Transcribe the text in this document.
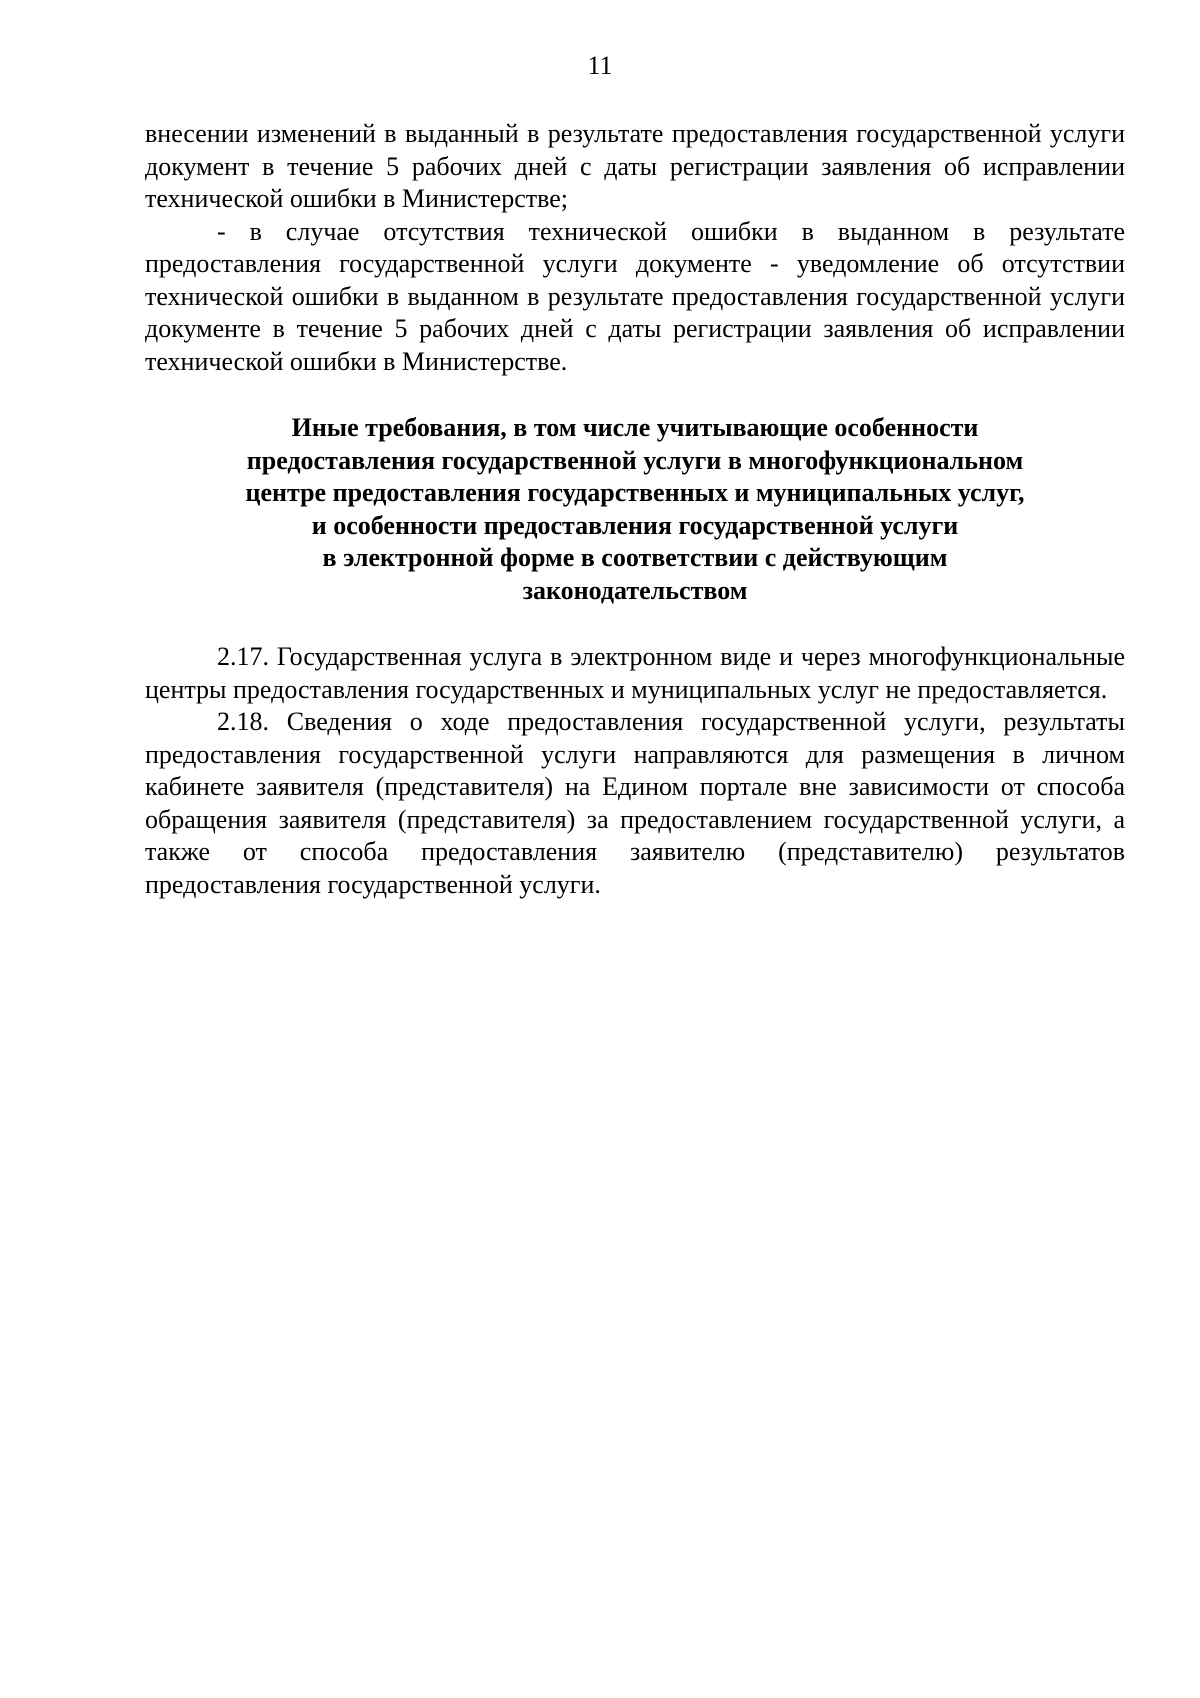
11

внесении изменений в выданный в результате предоставления государственной услуги документ в течение 5 рабочих дней с даты регистрации заявления об исправлении технической ошибки в Министерстве;

- в случае отсутствия технической ошибки в выданном в результате предоставления государственной услуги документе - уведомление об отсутствии технической ошибки в выданном в результате предоставления государственной услуги документе в течение 5 рабочих дней с даты регистрации заявления об исправлении технической ошибки в Министерстве.

Иные требования, в том числе учитывающие особенности
предоставления государственной услуги в многофункциональном
центре предоставления государственных и муниципальных услуг,
и особенности предоставления государственной услуги
в электронной форме в соответствии с действующим
законодательством

2.17. Государственная услуга в электронном виде и через многофункциональные центры предоставления государственных и муниципальных услуг не предоставляется.

2.18. Сведения о ходе предоставления государственной услуги, результаты предоставления государственной услуги направляются для размещения в личном кабинете заявителя (представителя) на Едином портале вне зависимости от способа обращения заявителя (представителя) за предоставлением государственной услуги, а также от способа предоставления заявителю (представителю) результатов предоставления государственной услуги.
